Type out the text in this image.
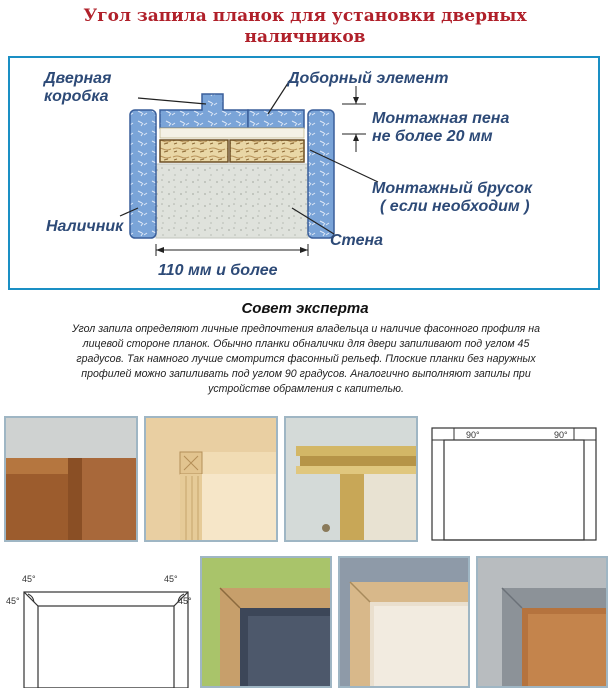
Угол запила планок для установки дверных
наличников
Дверная
коробка
Доборный элемент
Монтажная пена
не более 20 мм
Монтажный брусок
( если необходим )
Наличник
Стена
110 мм и более
Совет эксперта
Угол запила определяют личные предпочтения владельца и наличие фасонного профиля на
лицевой стороне планок. Обычно планки обналички для двери запиливают под углом 45
градусов. Так намного лучше смотрится фасонный рельеф. Плоские планки без наружных
профилей можно запиливать под углом 90 градусов. Аналогично выполняют запилы при
устройстве обрамления с капителью.
90°	90°
45°
45°
45°
45°
